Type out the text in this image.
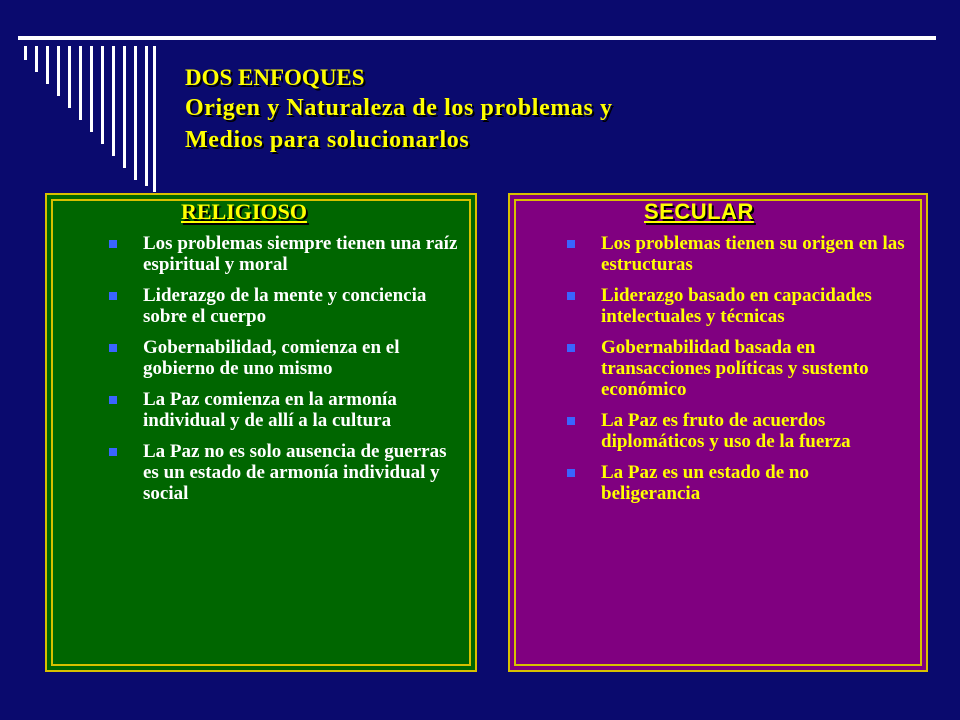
DOS ENFOQUES
Origen y Naturaleza de los problemas y
Medios para solucionarlos
RELIGIOSO
Los problemas siempre tienen una raíz espiritual y moral
Liderazgo de la mente y conciencia sobre el cuerpo
Gobernabilidad, comienza en el gobierno de uno mismo
La Paz comienza en la armonía individual y de allí a la cultura
La Paz no es solo ausencia de guerras es un estado de armonía individual y social
SECULAR
Los problemas tienen su origen en las estructuras
Liderazgo basado en capacidades intelectuales y técnicas
Gobernabilidad basada en transacciones políticas y sustento económico
La Paz es fruto de acuerdos diplomáticos y uso de la fuerza
La Paz es un estado de no beligerancia
